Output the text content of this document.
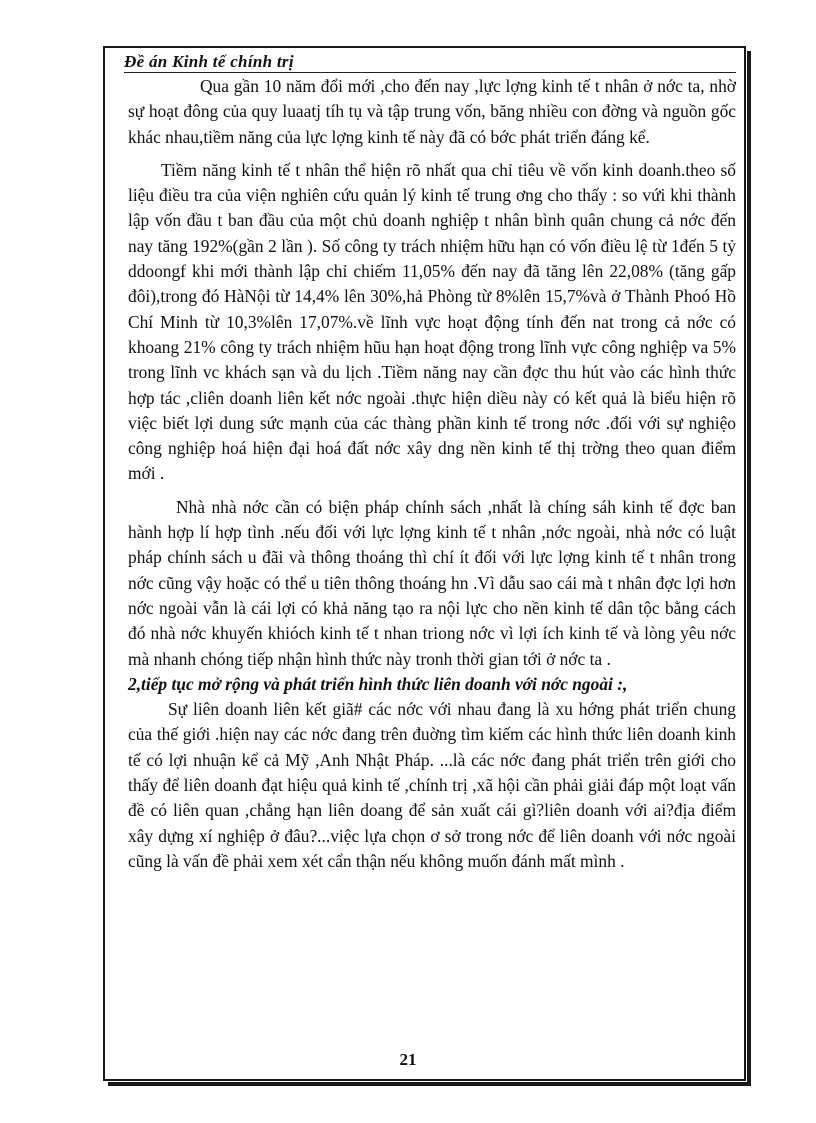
Đề án Kinh tế chính trị

Qua gần 10 năm đổi mới ,cho đến nay ,lực lợng kinh tế t nhân ở nớc ta, nhờ sự hoạt đông của quy luaatj tíh tụ và tập trung vốn, băng nhiều con đờng và nguồn gốc khác nhau,tiềm năng của lực lợng kinh tế này đã có bớc phát triển đáng kể.

Tiềm năng kinh tế t nhân thể hiện rõ nhất qua chỉ tiêu về vốn kinh doanh.theo số liệu điều tra của viện nghiên cứu quản lý kinh tế trung ơng cho thấy : so vứi khi thành lập vốn đầu t ban đầu của một chủ doanh nghiệp t nhân bình quân chung cả nớc đến nay tăng 192%(gần 2 lần ). Số công ty trách nhiệm hữu hạn có vốn điều lệ từ 1đến 5 tỷ ddoongf khi mới thành lập chỉ chiếm 11,05% đến nay đã tăng lên 22,08% (tăng gấp đôi),trong đó HàNội từ 14,4% lên 30%,hả Phòng từ 8%lên 15,7%và ở Thành Phoó Hồ Chí Minh từ 10,3%lên 17,07%.về lĩnh vực hoạt động tính đến nat trong cả nớc có khoang 21% công ty trách nhiệm hũu hạn hoạt động trong lĩnh vực công nghiệp va 5% trong lĩnh vc khách sạn và du lịch .Tiềm năng nay cần đợc thu hút vào các hình thức hợp tác ,cliên doanh liên kết nớc ngoài .thực hiện diều này có kết quả là biểu hiện rõ việc biết lợi dung sức mạnh của các thàng phần kinh tế trong nớc .đối với sự nghiệo công nghiệp hoá hiện đại hoá đất nớc xây dng nền kinh tế thị trờng theo quan điểm mới .

Nhà nhà nớc cần có biện pháp chính sách ,nhất là chíng sáh kinh tế đợc ban hành hợp lí hợp tình .nếu đối với lực lợng kinh tế t nhân ,nớc ngoài, nhà nớc có luật pháp chính sách u đãi và thông thoáng thì chí ít đối với lực lợng kinh tế t nhân trong nớc cũng vậy hoặc có thể u tiên thông thoáng hn .Vì dẫu sao cái mà t nhân đợc lợi hơn nớc ngoài vẫn là cái lợi có khả năng tạo ra nội lực cho nền kinh tế dân tộc bằng cách đó nhà nớc khuyến khióch kinh tế t nhan triong nớc vì lợi ích kinh tế và lòng yêu nớc mà nhanh chóng tiếp nhận hình thức này tronh thời gian tới ở nớc ta .

2,tiếp tục mở rộng và phát triển hình thức liên doanh với nớc ngoài :,

Sự liên doanh liên kết giã# các nớc với nhau đang là xu hớng phát triển chung của thế giới .hiện nay các nớc đang trên đuờng tìm kiếm các hình thức liên doanh kinh tế có lợi nhuận kể cả Mỹ ,Anh Nhật Pháp. ...là các nớc đang phát triển trên giới cho thấy để liên doanh đạt hiệu quả kinh tế ,chính trị ,xã hội cần phải giải đáp một loạt vấn đề có liên quan ,chẳng hạn liên doang để sản xuất cái gì?liên doanh với ai?địa điểm xây dựng xí nghiệp ở đâu?...việc lựa chọn ơ sở trong nớc để liên doanh với nớc ngoài cũng là vấn đề phải xem xét cẩn thận nếu không muốn đánh mất mình .

21
